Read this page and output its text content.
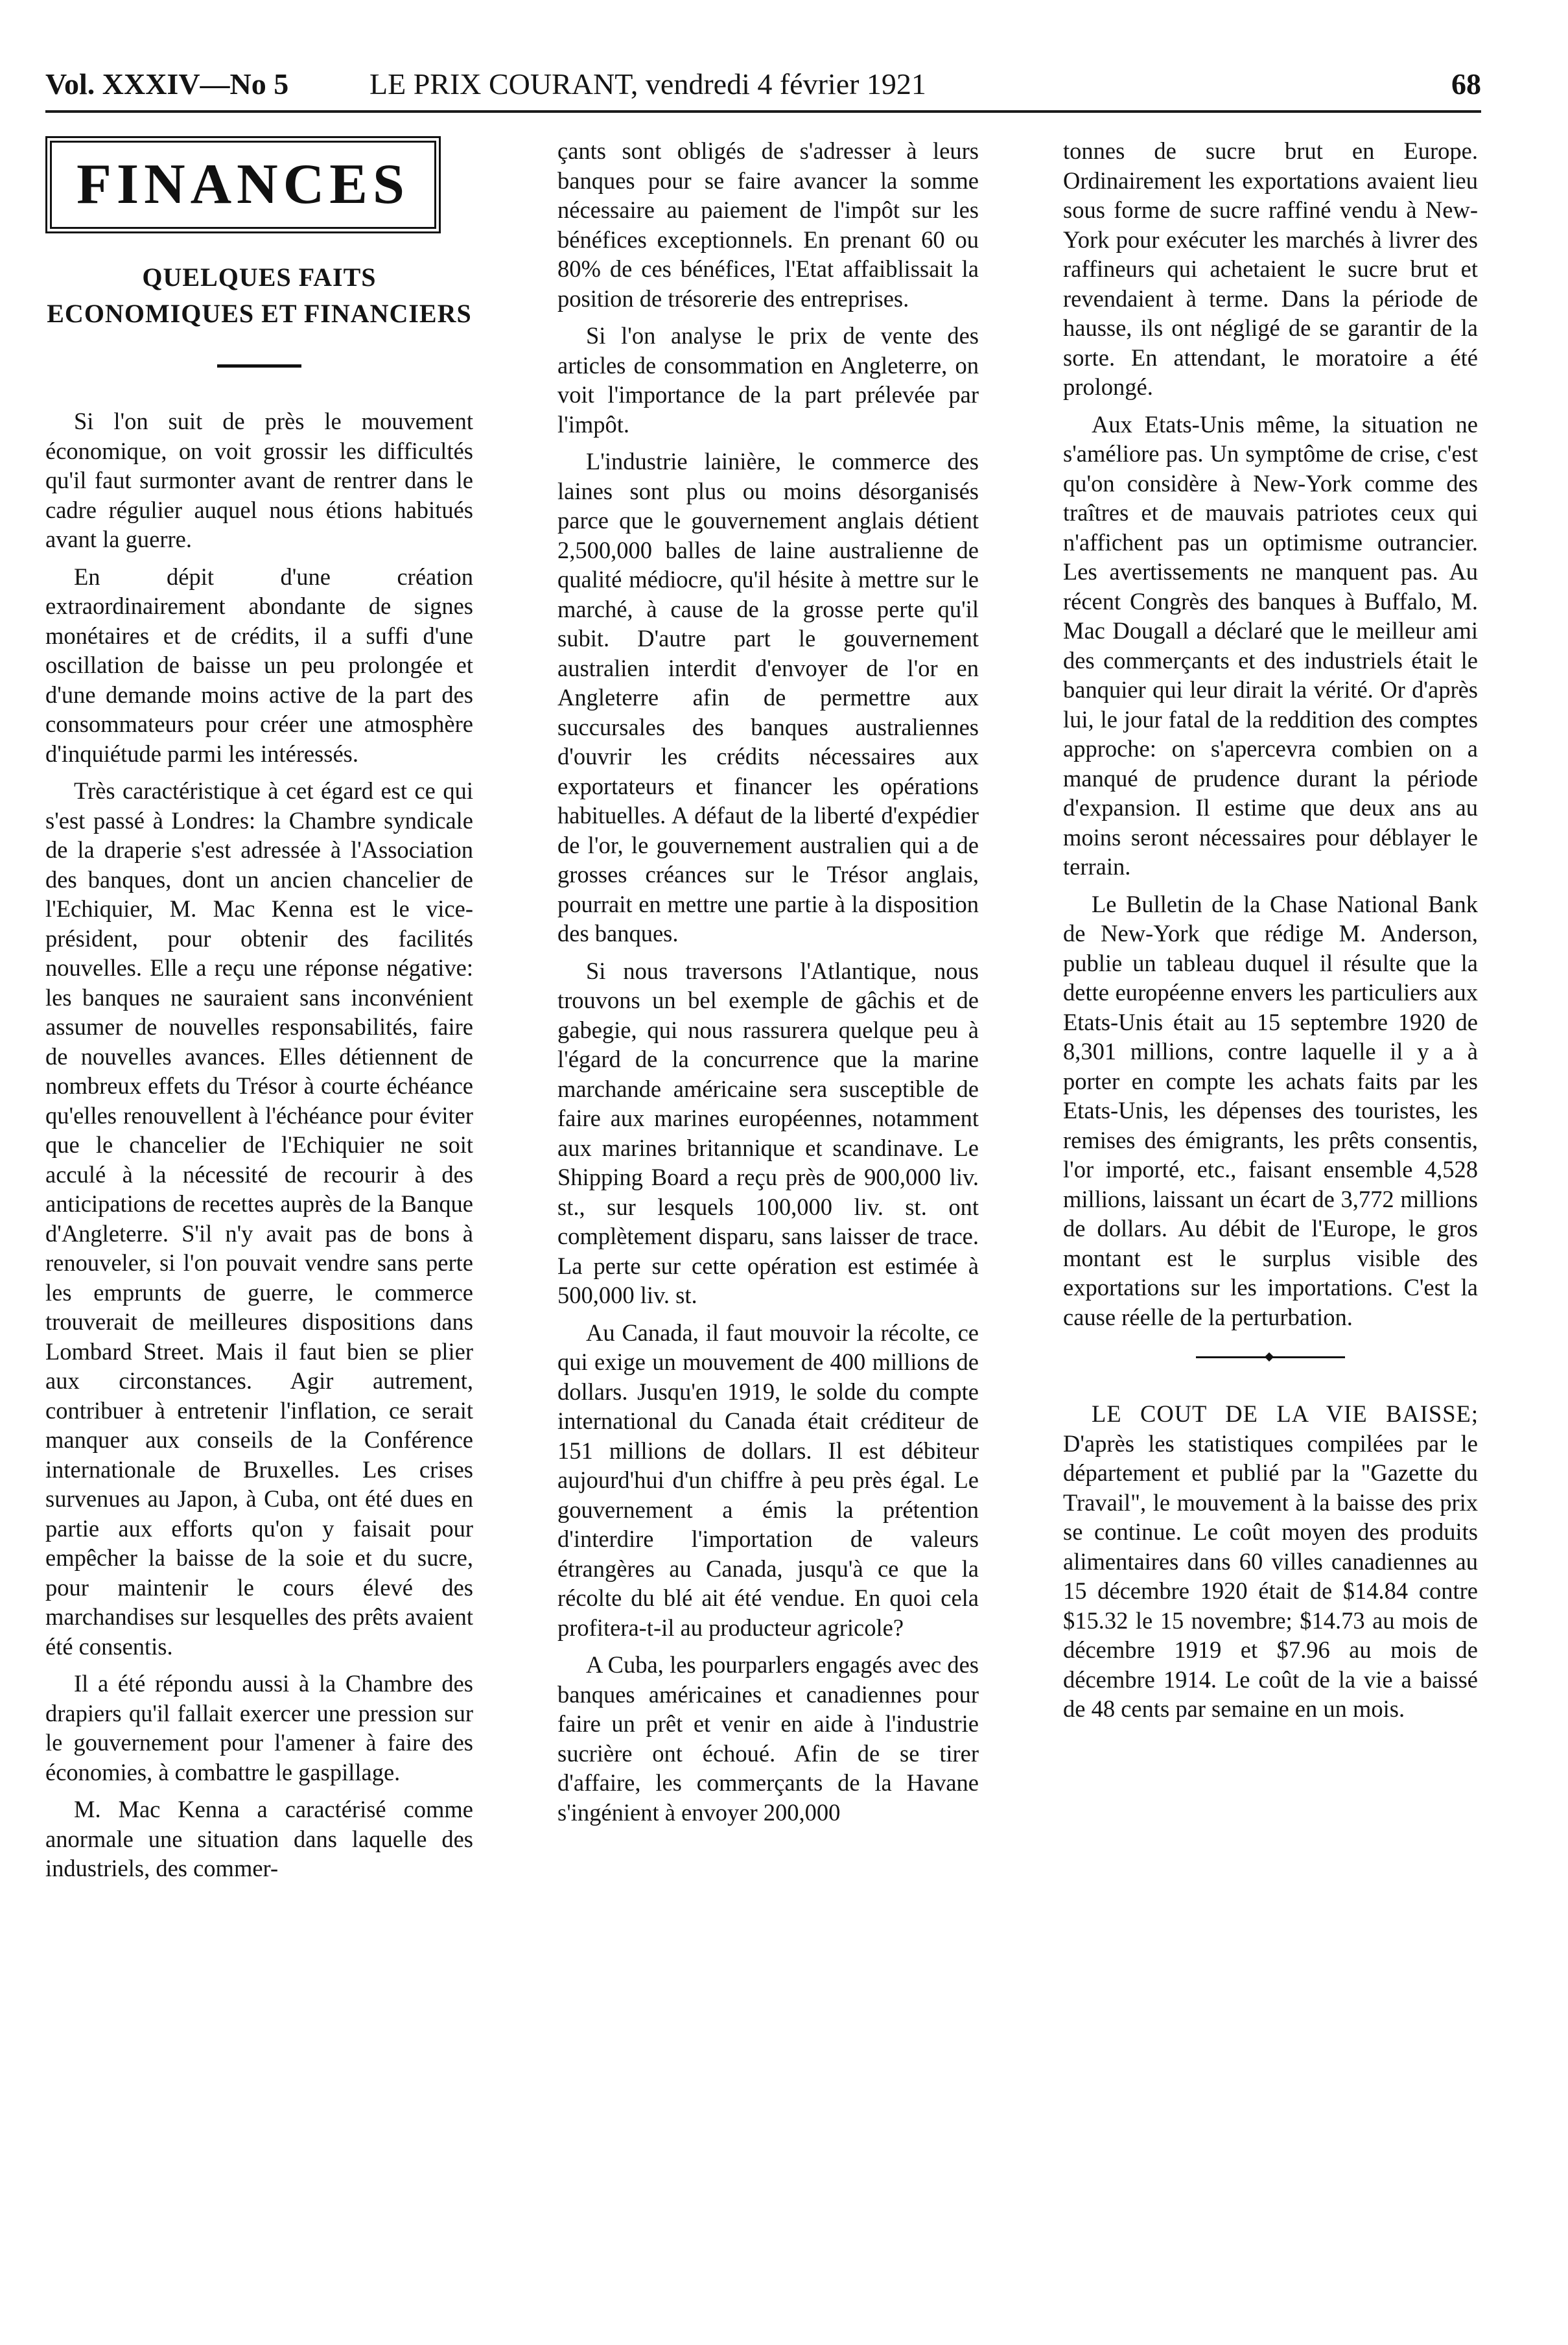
Vol. XXXIV—No 5	LE PRIX COURANT, vendredi 4 février 1921	68
FINANCES
QUELQUES FAITS ECONOMIQUES ET FINANCIERS

Si l'on suit de près le mouvement économique, on voit grossir les difficultés qu'il faut surmonter avant de rentrer dans le cadre régulier auquel nous étions habitués avant la guerre.

En dépit d'une création extraordinairement abondante de signes monétaires et de crédits, il a suffi d'une oscillation de baisse un peu prolongée et d'une demande moins active de la part des consommateurs pour créer une atmosphère d'inquiétude parmi les intéressés.

Très caractéristique à cet égard est ce qui s'est passé à Londres: la Chambre syndicale de la draperie s'est adressée à l'Association des banques, dont un ancien chancelier de l'Echiquier, M. Mac Kenna est le vice-président, pour obtenir des facilités nouvelles. Elle a reçu une réponse négative: les banques ne sauraient sans inconvénient assumer de nouvelles responsabilités, faire de nouvelles avances. Elles détiennent de nombreux effets du Trésor à courte échéance qu'elles renouvellent à l'échéance pour éviter que le chancelier de l'Echiquier ne soit acculé à la nécessité de recourir à des anticipations de recettes auprès de la Banque d'Angleterre. S'il n'y avait pas de bons à renouveler, si l'on pouvait vendre sans perte les emprunts de guerre, le commerce trouverait de meilleures dispositions dans Lombard Street. Mais il faut bien se plier aux circonstances. Agir autrement, contribuer à entretenir l'inflation, ce serait manquer aux conseils de la Conférence internationale de Bruxelles. Les crises survenues au Japon, à Cuba, ont été dues en partie aux efforts qu'on y faisait pour empêcher la baisse de la soie et du sucre, pour maintenir le cours élevé des marchandises sur lesquelles des prêts avaient été consentis.

Il a été répondu aussi à la Chambre des drapiers qu'il fallait exercer une pression sur le gouvernement pour l'amener à faire des économies, à combattre le gaspillage.

M. Mac Kenna a caractérisé comme anormale une situation dans laquelle des industriels, des commer-

çants sont obligés de s'adresser à leurs banques pour se faire avancer la somme nécessaire au paiement de l'impôt sur les bénéfices exceptionnels. En prenant 60 ou 80% de ces bénéfices, l'Etat affaiblissait la position de trésorerie des entreprises.

Si l'on analyse le prix de vente des articles de consommation en Angleterre, on voit l'importance de la part prélevée par l'impôt.

L'industrie lainière, le commerce des laines sont plus ou moins désorganisés parce que le gouvernement anglais détient 2,500,000 balles de laine australienne de qualité médiocre, qu'il hésite à mettre sur le marché, à cause de la grosse perte qu'il subit. D'autre part le gouvernement australien interdit d'envoyer de l'or en Angleterre afin de permettre aux succursales des banques australiennes d'ouvrir les crédits nécessaires aux exportateurs et financer les opérations habituelles. A défaut de la liberté d'expédier de l'or, le gouvernement australien qui a de grosses créances sur le Trésor anglais, pourrait en mettre une partie à la disposition des banques.

Si nous traversons l'Atlantique, nous trouvons un bel exemple de gâchis et de gabegie, qui nous rassurera quelque peu à l'égard de la concurrence que la marine marchande américaine sera susceptible de faire aux marines européennes, notamment aux marines britannique et scandinave. Le Shipping Board a reçu près de 900,000 liv. st., sur lesquels 100,000 liv. st. ont complètement disparu, sans laisser de trace. La perte sur cette opération est estimée à 500,000 liv. st.

Au Canada, il faut mouvoir la récolte, ce qui exige un mouvement de 400 millions de dollars. Jusqu'en 1919, le solde du compte international du Canada était créditeur de 151 millions de dollars. Il est débiteur aujourd'hui d'un chiffre à peu près égal. Le gouvernement a émis la prétention d'interdire l'importation de valeurs étrangères au Canada, jusqu'à ce que la récolte du blé ait été vendue. En quoi cela profitera-t-il au producteur agricole?

A Cuba, les pourparlers engagés avec des banques américaines et canadiennes pour faire un prêt et venir en aide à l'industrie sucrière ont échoué. Afin de se tirer d'affaire, les commerçants de la Havane s'ingénient à envoyer 200,000

tonnes de sucre brut en Europe. Ordinairement les exportations avaient lieu sous forme de sucre raffiné vendu à New-York pour exécuter les marchés à livrer des raffineurs qui achetaient le sucre brut et revendaient à terme. Dans la période de hausse, ils ont négligé de se garantir de la sorte. En attendant, le moratoire a été prolongé.

Aux Etats-Unis même, la situation ne s'améliore pas. Un symptôme de crise, c'est qu'on considère à New-York comme des traîtres et de mauvais patriotes ceux qui n'affichent pas un optimisme outrancier. Les avertissements ne manquent pas. Au récent Congrès des banques à Buffalo, M. Mac Dougall a déclaré que le meilleur ami des commerçants et des industriels était le banquier qui leur dirait la vérité. Or d'après lui, le jour fatal de la reddition des comptes approche: on s'apercevra combien on a manqué de prudence durant la période d'expansion. Il estime que deux ans au moins seront nécessaires pour déblayer le terrain.

Le Bulletin de la Chase National Bank de New-York que rédige M. Anderson, publie un tableau duquel il résulte que la dette européenne envers les particuliers aux Etats-Unis était au 15 septembre 1920 de 8,301 millions, contre laquelle il y a à porter en compte les achats faits par les Etats-Unis, les dépenses des touristes, les remises des émigrants, les prêts consentis, l'or importé, etc., faisant ensemble 4,528 millions, laissant un écart de 3,772 millions de dollars. Au débit de l'Europe, le gros montant est le surplus visible des exportations sur les importations. C'est la cause réelle de la perturbation.

LE COUT DE LA VIE BAISSE; D'après les statistiques compilées par le département et publié par la "Gazette du Travail", le mouvement à la baisse des prix se continue. Le coût moyen des produits alimentaires dans 60 villes canadiennes au 15 décembre 1920 était de $14.84 contre $15.32 le 15 novembre; $14.73 au mois de décembre 1919 et $7.96 au mois de décembre 1914. Le coût de la vie a baissé de 48 cents par semaine en un mois.
